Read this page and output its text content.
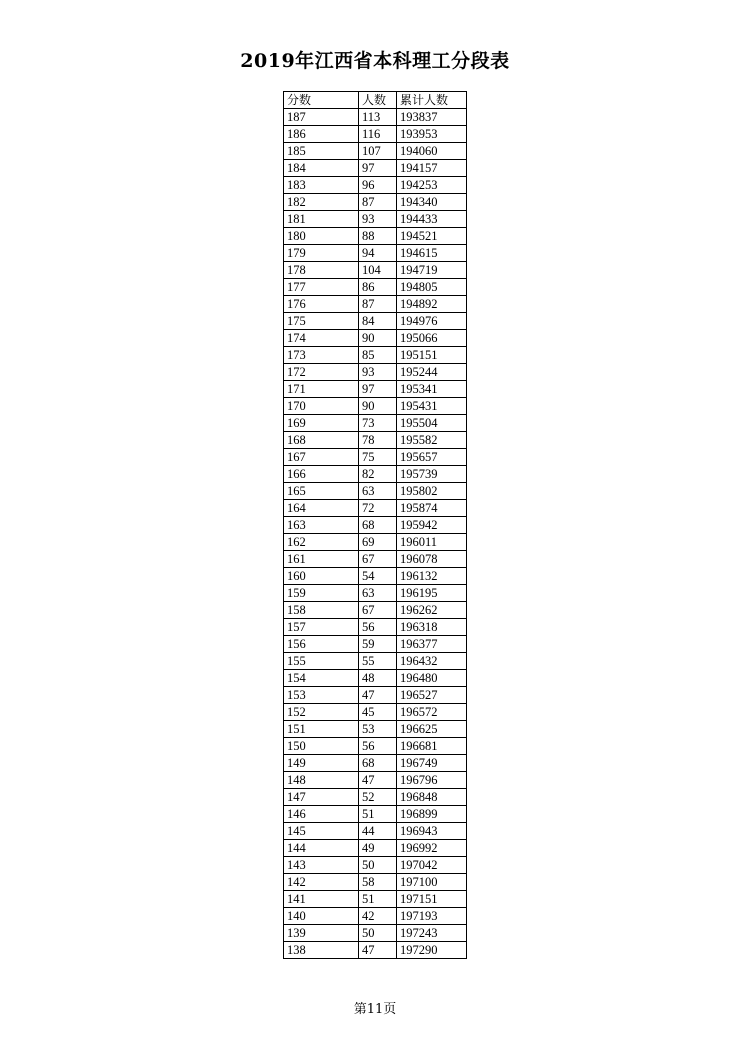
2019年江西省本科理工分段表
分数	人数	累计人数
187	113	193837
186	116	193953
185	107	194060
184	97	194157
183	96	194253
182	87	194340
181	93	194433
180	88	194521
179	94	194615
178	104	194719
177	86	194805
176	87	194892
175	84	194976
174	90	195066
173	85	195151
172	93	195244
171	97	195341
170	90	195431
169	73	195504
168	78	195582
167	75	195657
166	82	195739
165	63	195802
164	72	195874
163	68	195942
162	69	196011
161	67	196078
160	54	196132
159	63	196195
158	67	196262
157	56	196318
156	59	196377
155	55	196432
154	48	196480
153	47	196527
152	45	196572
151	53	196625
150	56	196681
149	68	196749
148	47	196796
147	52	196848
146	51	196899
145	44	196943
144	49	196992
143	50	197042
142	58	197100
141	51	197151
140	42	197193
139	50	197243
138	47	197290
第11页
